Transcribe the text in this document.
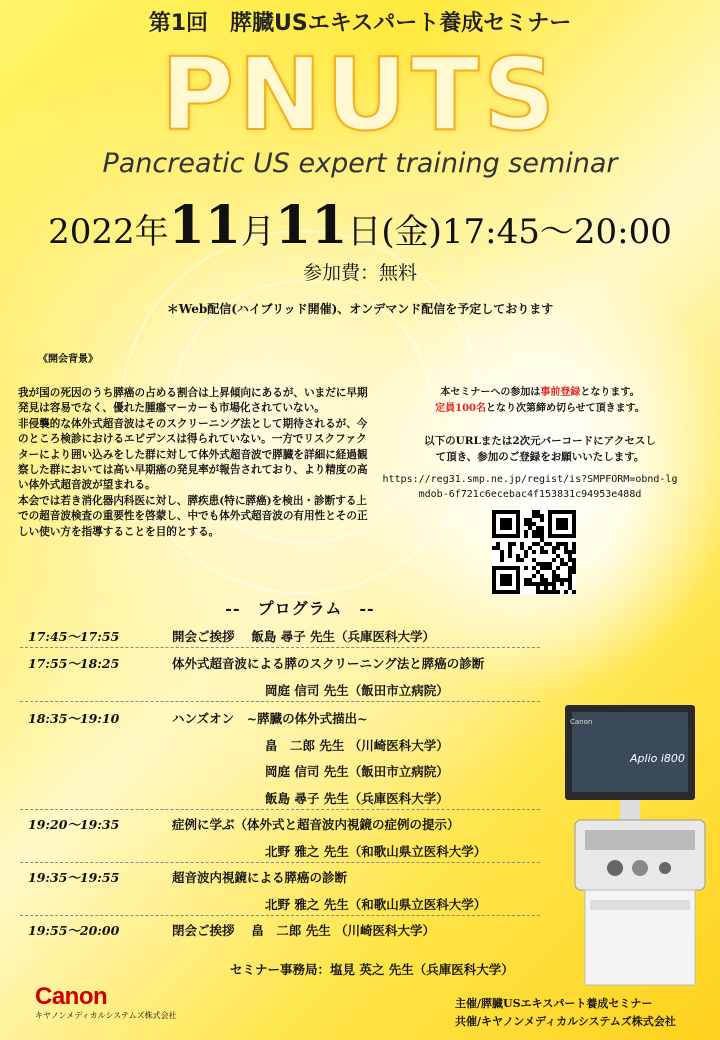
第1回　膵臓USエキスパート養成セミナー
PNUTS
Pancreatic US expert training seminar
2022年11月11日(金)17:45～20:00
参加費：無料
＊Web配信(ハイブリッド開催)、オンデマンド配信を予定しております
《開会背景》

我が国の死因のうち膵癌の占める割合は上昇傾向にあるが、いまだに早期発見は容易でなく、優れた腫瘍マーカーも市場化されていない。

非侵襲的な体外式超音波はそのスクリーニング法として期待されるが、今のところ検診におけるエビデンスは得られていない。一方でリスクファクターにより囲い込みをした群に対して体外式超音波で膵臓を詳細に経過観察した群においては高い早期癌の発見率が報告されており、より精度の高い体外式超音波が望まれる。

本会では若き消化器内科医に対し、膵疾患(特に膵癌)を検出・診断する上での超音波検査の重要性を啓蒙し、中でも体外式超音波の有用性とその正しい使い方を指導することを目的とする。

本セミナーへの参加は事前登録となります。
定員100名となり次第締め切らせて頂きます。
以下のURLまたは2次元バーコードにアクセスし
て頂き、参加のご登録をお願いいたします。
https://reg31.smp.ne.jp/regist/is?SMPFORM=obnd-lgmdob-6f721c6ecebac4f153831c94953e488d
--　プログラム　--
17:45～17:55	開会ご挨拶　 飯島 尋子 先生（兵庫医科大学）
17:55～18:25	体外式超音波による膵のスクリーニング法と膵癌の診断
岡庭 信司 先生（飯田市立病院）
18:35～19:10	ハンズオン　~膵臓の体外式描出~
畠　二郎 先生 （川崎医科大学）
岡庭 信司 先生（飯田市立病院）
飯島 尋子 先生（兵庫医科大学）
19:20～19:35	症例に学ぶ（体外式と超音波内視鏡の症例の提示）
北野 雅之 先生（和歌山県立医科大学）
19:35～19:55	超音波内視鏡による膵癌の診断
北野 雅之 先生（和歌山県立医科大学）
19:55～20:00	閉会ご挨拶　 畠　二郎 先生 （川崎医科大学）
セミナー事務局：塩見 英之 先生（兵庫医科大学）
Canon
キヤノンメディカルシステムズ株式会社
主催/膵臓USエキスパート養成セミナー
共催/キヤノンメディカルシステムズ株式会社
Canon
Aplio i800
